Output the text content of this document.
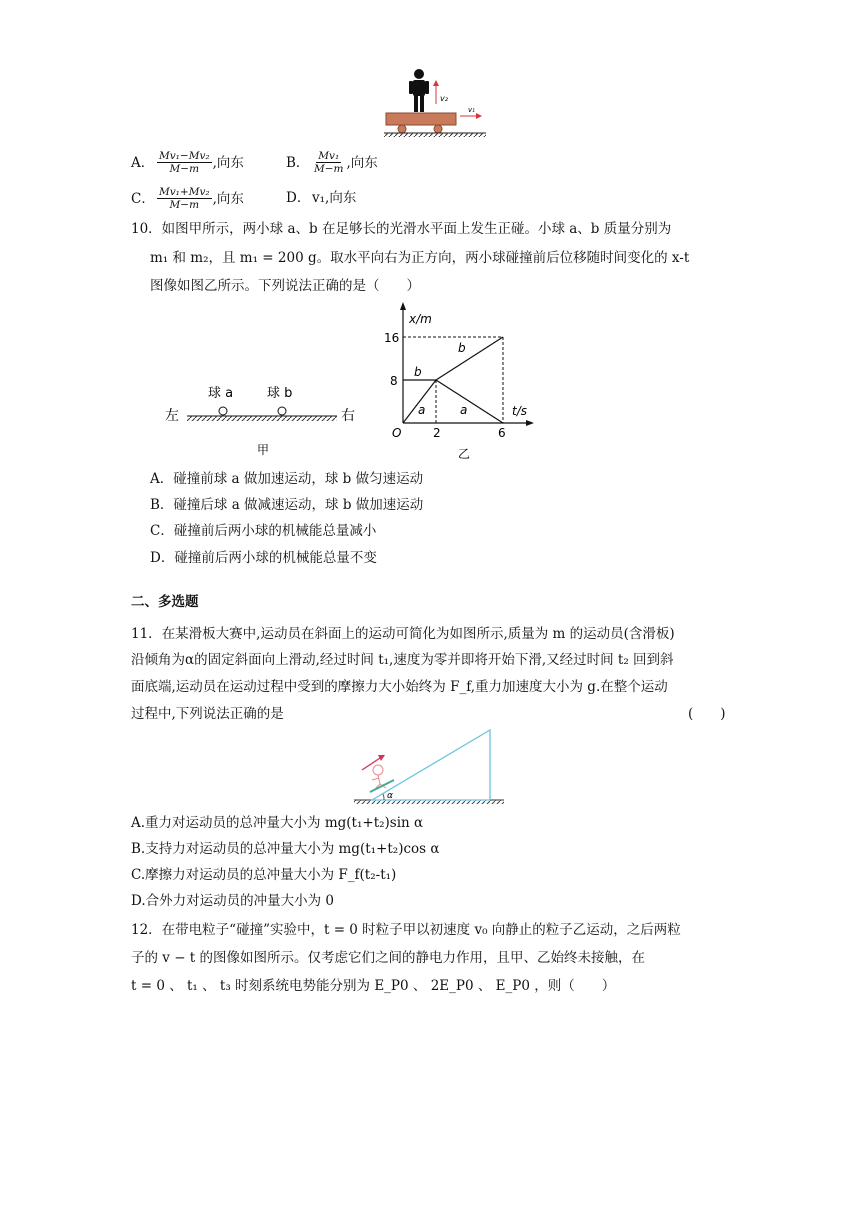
v₂
v₁
A． $\frac{\text{Mv₁−Mv₂}}{M-m}$ ,向东	B． $\frac{\text{Mv₁}}{M-m}$ ,向东
C． $\frac{\text{Mv₁+Mv₂}}{M-m}$ ,向东	D． v₁,向东
10．如图甲所示，两小球 a、b 在足够长的光滑水平面上发生正碰。小球 a、b 质量分别为
m₁ 和 m₂，且 m₁ = 200 g。取水平向右为正方向，两小球碰撞前后位移随时间变化的 x-t
图像如图乙所示。下列说法正确的是（　　）
球 a	球 b
左	右
甲
x/m
t/s
O
16
8
2	6
b
b
a	a
乙
A．碰撞前球 a 做加速运动，球 b 做匀速运动
B．碰撞后球 a 做减速运动，球 b 做加速运动
C．碰撞前后两小球的机械能总量减小
D．碰撞前后两小球的机械能总量不变
二、多选题
11．在某滑板大赛中,运动员在斜面上的运动可简化为如图所示,质量为 m 的运动员(含滑板)
沿倾角为α的固定斜面向上滑动,经过时间 t₁,速度为零并即将开始下滑,又经过时间 t₂ 回到斜
面底端,运动员在运动过程中受到的摩擦力大小始终为 F_f,重力加速度大小为 g.在整个运动
过程中,下列说法正确的是	(　　)
α
A.重力对运动员的总冲量大小为 mg(t₁+t₂)sin α
B.支持力对运动员的总冲量大小为 mg(t₁+t₂)cos α
C.摩擦力对运动员的总冲量大小为 F_f(t₂-t₁)
D.合外力对运动员的冲量大小为 0
12．在带电粒子“碰撞”实验中，t = 0 时粒子甲以初速度 v₀ 向静止的粒子乙运动，之后两粒
子的 v − t 的图像如图所示。仅考虑它们之间的静电力作用，且甲、乙始终未接触，在
t = 0 、 t₁ 、 t₃ 时刻系统电势能分别为 E_P0 、 2E_P0 、 E_P0 ，则（　　）
